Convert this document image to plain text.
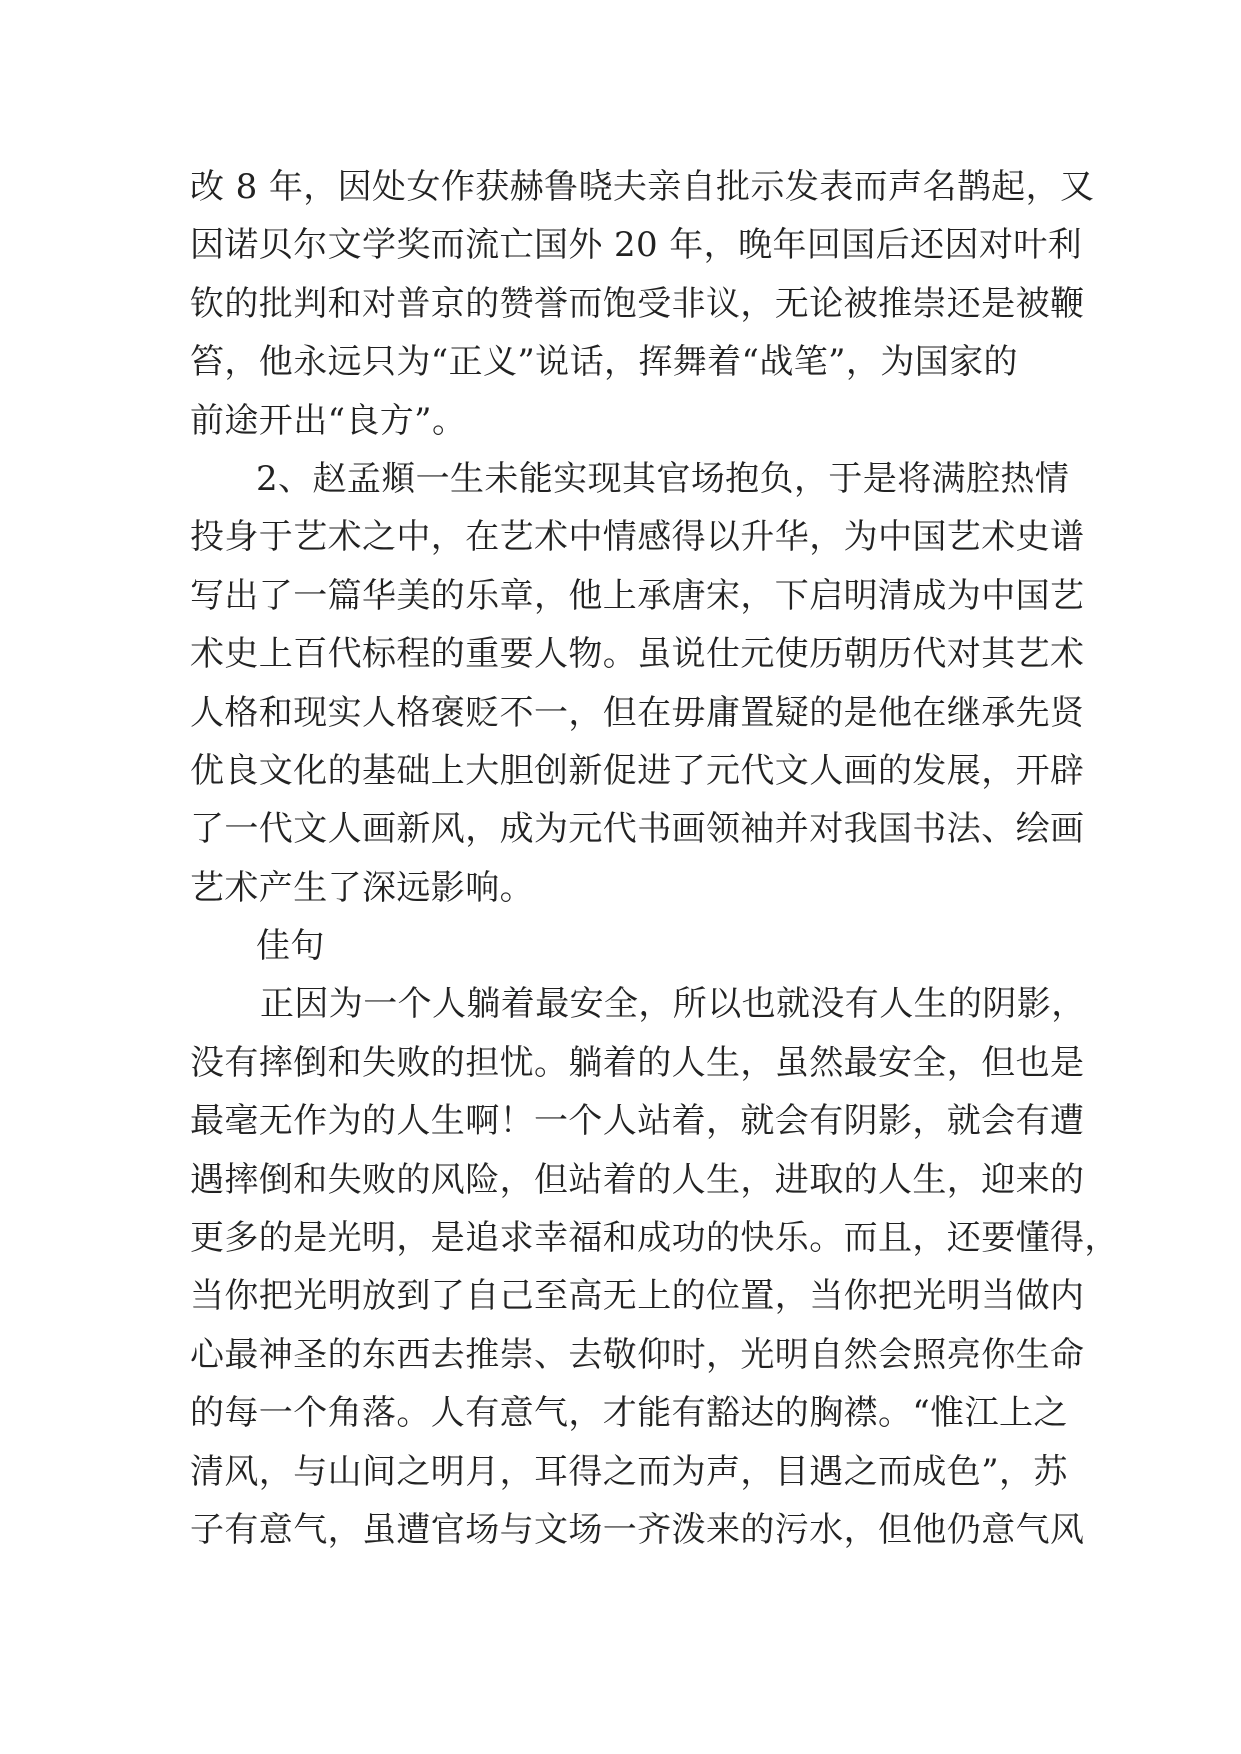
改 8 年，因处女作获赫鲁晓夫亲自批示发表而声名鹊起，又
因诺贝尔文学奖而流亡国外 20 年，晚年回国后还因对叶利
钦的批判和对普京的赞誉而饱受非议，无论被推崇还是被鞭
笞，他永远只为“正义”说话，挥舞着“战笔”，为国家的
前途开出“良方”。
2、赵孟頫一生未能实现其官场抱负，于是将满腔热情
投身于艺术之中，在艺术中情感得以升华，为中国艺术史谱
写出了一篇华美的乐章，他上承唐宋，下启明清成为中国艺
术史上百代标程的重要人物。虽说仕元使历朝历代对其艺术
人格和现实人格褒贬不一，但在毋庸置疑的是他在继承先贤
优良文化的基础上大胆创新促进了元代文人画的发展，开辟
了一代文人画新风，成为元代书画领袖并对我国书法、绘画
艺术产生了深远影响。
佳句
正因为一个人躺着最安全，所以也就没有人生的阴影，
没有摔倒和失败的担忧。躺着的人生，虽然最安全，但也是
最毫无作为的人生啊！一个人站着，就会有阴影，就会有遭
遇摔倒和失败的风险，但站着的人生，进取的人生，迎来的
更多的是光明，是追求幸福和成功的快乐。而且，还要懂得，
当你把光明放到了自己至高无上的位置，当你把光明当做内
心最神圣的东西去推崇、去敬仰时，光明自然会照亮你生命
的每一个角落。人有意气，才能有豁达的胸襟。“惟江上之
清风，与山间之明月，耳得之而为声，目遇之而成色”，苏
子有意气，虽遭官场与文场一齐泼来的污水，但他仍意气风
